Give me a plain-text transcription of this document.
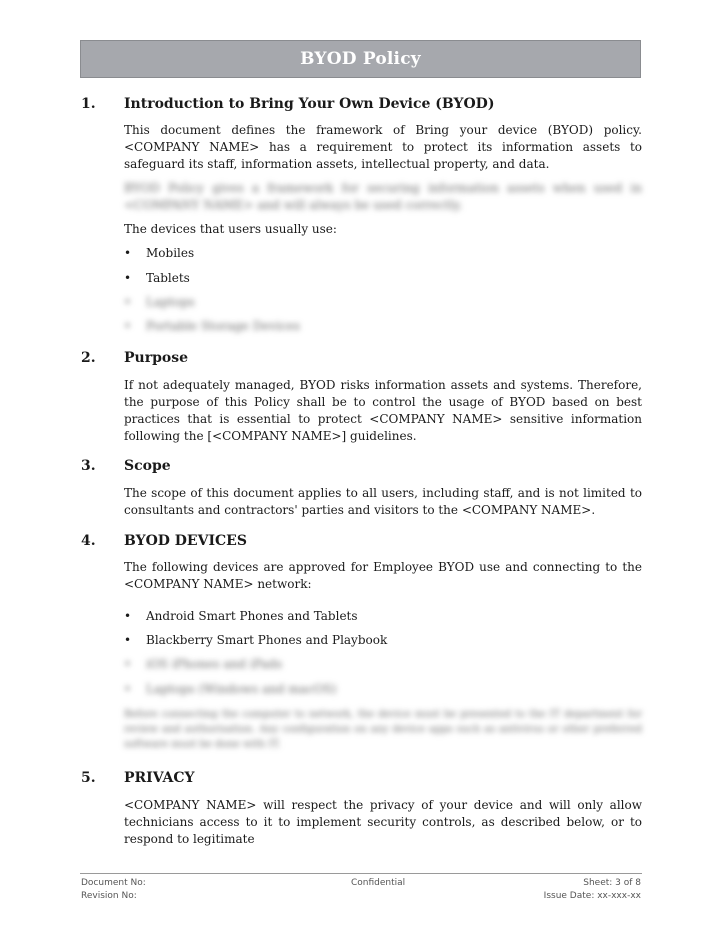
BYOD Policy
1. Introduction to Bring Your Own Device (BYOD)

This document defines the framework of Bring your device (BYOD) policy. <COMPANY NAME> has a requirement to protect its information assets to safeguard its staff, information assets, intellectual property, and data.

BYOD Policy gives a framework for securing information assets when used in <COMPANY NAME> and will always be used correctly.

The devices that users usually use:
• Mobiles
• Tablets
• Laptops
• Portable Storage Devices
2. Purpose

If not adequately managed, BYOD risks information assets and systems. Therefore, the purpose of this Policy shall be to control the usage of BYOD based on best practices that is essential to protect <COMPANY NAME> sensitive information following the [<COMPANY NAME>] guidelines.

3. Scope

The scope of this document applies to all users, including staff, and is not limited to consultants and contractors' parties and visitors to the <COMPANY NAME>.

4. BYOD DEVICES

The following devices are approved for Employee BYOD use and connecting to the <COMPANY NAME> network:

• Android Smart Phones and Tablets
• Blackberry Smart Phones and Playbook
• iOS iPhones and iPads
• Laptops (Windows and macOS)

Before connecting the computer to network, the device must be presented to the IT department for review and authorisation. Any configuration on any device apps such as antivirus or other preferred software must be done with IT.

5. PRIVACY

<COMPANY NAME> will respect the privacy of your device and will only allow technicians access to it to implement security controls, as described below, or to respond to legitimate

Document No:
Revision No:
Confidential	Sheet: 3 of 8
Issue Date: xx-xxx-xx
